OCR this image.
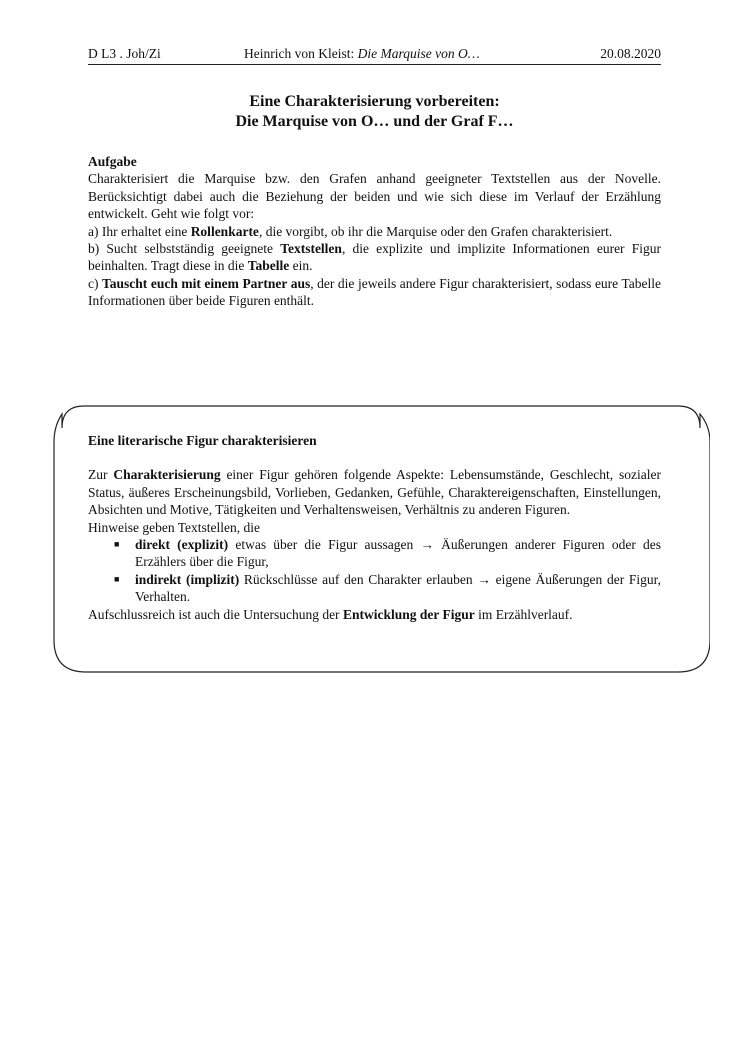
D L3 . Joh/Zi	Heinrich von Kleist: Die Marquise von O…	20.08.2020
Eine Charakterisierung vorbereiten:
Die Marquise von O… und der Graf F…

Aufgabe

Charakterisiert die Marquise bzw. den Grafen anhand geeigneter Textstellen aus der Novelle. Berücksichtigt dabei auch die Beziehung der beiden und wie sich diese im Verlauf der Erzählung entwickelt. Geht wie folgt vor:

a) Ihr erhaltet eine Rollenkarte, die vorgibt, ob ihr die Marquise oder den Grafen charakterisiert.

b) Sucht selbstständig geeignete Textstellen, die explizite und implizite Informationen eurer Figur beinhalten. Tragt diese in die Tabelle ein.

c) Tauscht euch mit einem Partner aus, der die jeweils andere Figur charakterisiert, sodass eure Tabelle Informationen über beide Figuren enthält.

Eine literarische Figur charakterisieren

Zur Charakterisierung einer Figur gehören folgende Aspekte: Lebensumstände, Geschlecht, sozialer Status, äußeres Erscheinungsbild, Vorlieben, Gedanken, Gefühle, Charaktereigenschaften, Einstellungen, Absichten und Motive, Tätigkeiten und Verhaltensweisen, Verhältnis zu anderen Figuren.

Hinweise geben Textstellen, die

■ direkt (explizit) etwas über die Figur aussagen → Äußerungen anderer Figuren oder des Erzählers über die Figur,
■ indirekt (implizit) Rückschlüsse auf den Charakter erlauben → eigene Äußerungen der Figur, Verhalten.

Aufschlussreich ist auch die Untersuchung der Entwicklung der Figur im Erzählverlauf.
